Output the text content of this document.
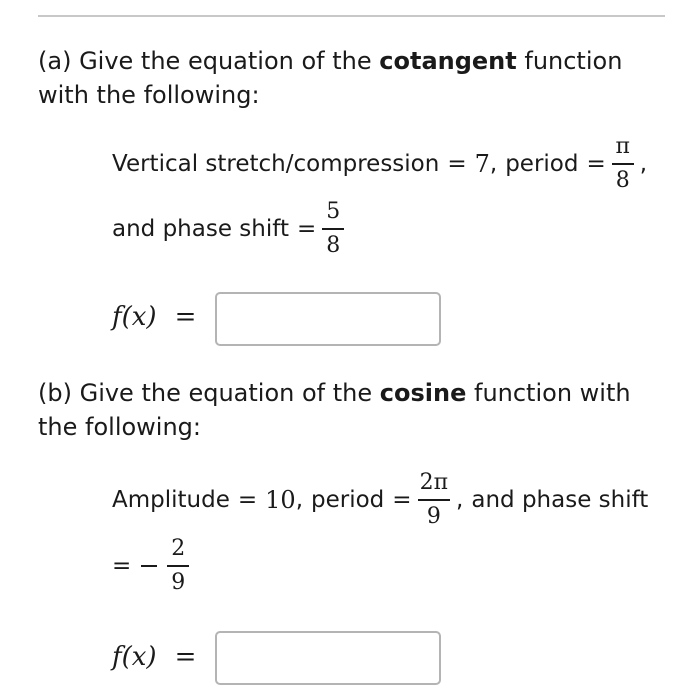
(a) Give the equation of the cotangent function with the following:
Vertical stretch/compression = 7 , period = $\frac{\pi}{8}$ ,
and phase shift = $\frac{5}{8}$
f(x) =
(b) Give the equation of the cosine function with the following:
Amplitude = 10 , period = $\frac{2\pi}{9}$ , and phase shift
= $\frac{2}{9}$
f(x) =
